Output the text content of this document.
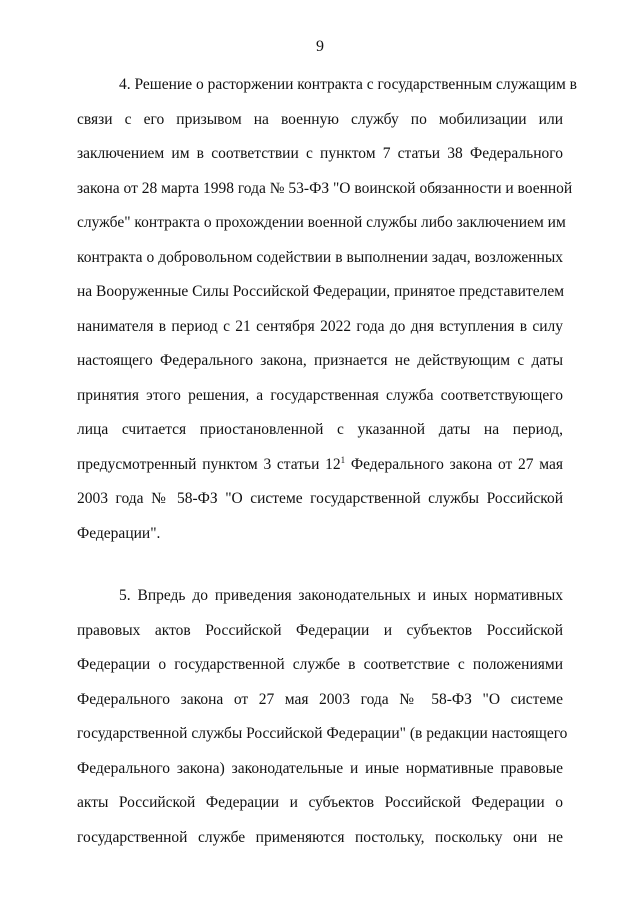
9
4. Решение о расторжении контракта с государственным служащим в
связи с его призывом на военную службу по мобилизации или
заключением им в соответствии с пунктом 7 статьи 38 Федерального
закона от 28 марта 1998 года № 53-ФЗ "О воинской обязанности и военной
службе" контракта о прохождении военной службы либо заключением им
контракта о добровольном содействии в выполнении задач, возложенных
на Вооруженные Силы Российской Федерации, принятое представителем
нанимателя в период с 21 сентября 2022 года до дня вступления в силу
настоящего Федерального закона, признается не действующим с даты
принятия этого решения, а государственная служба соответствующего
лица считается приостановленной с указанной даты на период,
предусмотренный пунктом 3 статьи $12^1$ Федерального закона от 27 мая
2003 года № 58-ФЗ "О системе государственной службы Российской
Федерации".
5. Впредь до приведения законодательных и иных нормативных
правовых актов Российской Федерации и субъектов Российской
Федерации о государственной службе в соответствие с положениями
Федерального закона от 27 мая 2003 года № 58-ФЗ "О системе
государственной службы Российской Федерации" (в редакции настоящего
Федерального закона) законодательные и иные нормативные правовые
акты Российской Федерации и субъектов Российской Федерации о
государственной службе применяются постольку, поскольку они не
